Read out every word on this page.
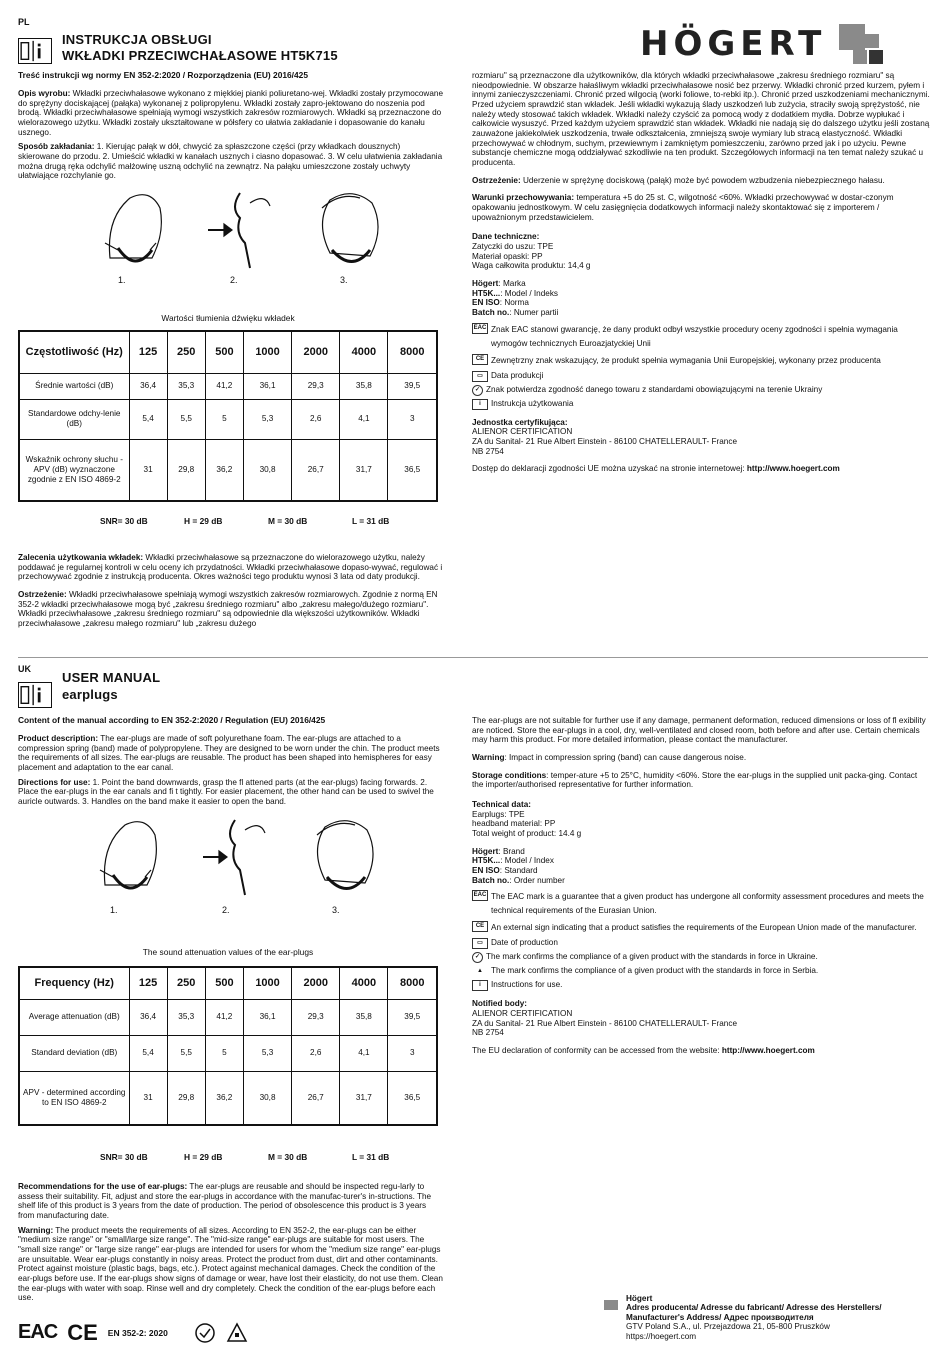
HÖGERT
PL
INSTRUKCJA OBSŁUGI
WKŁADKI PRZECIWCHAŁASOWE HT5K715

Treść instrukcji wg normy EN 352-2:2020 / Rozporządzenia (EU) 2016/425

Opis wyrobu: Wkładki przeciwhałasowe wykonano z miękkiej pianki poliuretano-wej. Wkładki zostały przymocowane do sprężyny dociskającej (pałąka) wykonanej z polipropylenu. Wkładki zostały zapro-jektowano do noszenia pod brodą. Wkładki przeciwhałasowe spełniają wymogi wszystkich zakresów rozmiarowych. Wkładki są przeznaczone do wielorazowego użytku. Wkładki zostały ukształtowane w półsfery co ułatwia zakładanie i dopasowanie do kanału usznego.

Sposób zakładania: 1. Kierując pałąk w dół, chwycić za spłaszczone części (przy wkładkach dousznych) skierowane do przodu. 2. Umieścić wkładki w kanałach usznych i ciasno dopasować. 3. W celu ułatwienia zakładania można drugą ręka odchylić małżowinę uszną odchylić na zewnątrz. Na pałąku umieszczone zostały uchwyty ułatwiające rozchylanie go.

1.	2.	3.
Wartości tłumienia dźwięku wkładek
Częstotliwość (Hz)	125	250	500	1000	2000	4000	8000
Średnie wartości (dB)	36,4	35,3	41,2	36,1	29,3	35,8	39,5
Standardowe odchy-lenie (dB)	5,4	5,5	5	5,3	2,6	4,1	3
Wskaźnik ochrony słuchu - APV (dB) wyznaczone zgodnie z EN ISO 4869-2	31	29,8	36,2	30,8	26,7	31,7	36,5
SNR= 30 dB	H = 29 dB	M = 30 dB	L = 31 dB

Zalecenia użytkowania wkładek: Wkładki przeciwhałasowe są przeznaczone do wielorazowego użytku, należy poddawać je regularnej kontroli w celu oceny ich przydatności. Wkładki przeciwhałasowe dopaso-wywać, regulować i przechowywać zgodnie z instrukcją producenta. Okres ważności tego produktu wynosi 3 lata od daty produkcji.

Ostrzeżenie: Wkładki przeciwhałasowe spełniają wymogi wszystkich zakresów rozmiarowych. Zgodnie z normą EN 352-2 wkładki przeciwhałasowe mogą być „zakresu średniego rozmiaru" albo „zakresu małego/dużego rozmiaru". Wkładki przeciwhałasowe „zakresu średniego rozmiaru" są odpowiednie dla większości użytkowników. Wkładki przeciwhałasowe „zakresu małego rozmiaru" lub „zakresu dużego

rozmiaru" są przeznaczone dla użytkowników, dla których wkładki przeciwhałasowe „zakresu średniego rozmiaru" są nieodpowiednie. W obszarze hałaśliwym wkładki przeciwhałasowe nosić bez przerwy. Wkładki chronić przed kurzem, pyłem i innymi zanieczyszczeniami. Chronić przed wilgocią (worki foliowe, to-rebki itp.). Chronić przed uszkodzeniami mechanicznymi. Przed użyciem sprawdzić stan wkładek. Jeśli wkładki wykazują ślady uszkodzeń lub zużycia, straciły swoją sprężystość, nie należy wtedy stosować takich wkładek. Wkładki należy czyścić za pomocą wody z dodatkiem mydła. Dobrze wypłukać i całkowicie wysuszyć. Przed każdym użyciem sprawdzić stan wkładek. Wkładki nie nadają się do dalszego użytku jeśli zostaną zauważone jakiekolwiek uszkodzenia, trwałe odkształcenia, zmniejszą swoje wymiary lub stracą elastyczność. Wkładki przechowywać w chłodnym, suchym, przewiewnym i zamkniętym pomieszczeniu, zarówno przed jak i po użyciu. Pewne substancje chemiczne mogą oddziaływać szkodliwie na ten produkt. Szczegółowych informacji na ten temat należy szukać u producenta.

Ostrzeżenie: Uderzenie w sprężynę dociskową (pałąk) może być powodem wzbudzenia niebezpiecznego hałasu.

Warunki przechowywania: temperatura +5 do 25 st. C, wilgotność <60%. Wkładki przechowywać w dostar-czonym opakowaniu jednostkowym. W celu zasięgnięcia dodatkowych informacji należy skontaktować się z importerem / upoważnionym przedstawicielem.

Dane techniczne:
Zatyczki do uszu: TPE
Materiał opaski: PP
Waga całkowita produktu: 14,4 g
Högert: Marka
HT5K...: Model / Indeks
EN ISO: Norma
Batch no.: Numer partii
EAC Znak EAC stanowi gwarancję, że dany produkt odbył wszystkie procedury oceny zgodności i spełnia wymagania wymogów technicznych Euroazjatyckiej Unii
CE Zewnętrzny znak wskazujący, że produkt spełnia wymagania Unii Europejskiej, wykonany przez producenta
▭ Data produkcji
✓ Znak potwierdza zgodność danego towaru z standardami obowiązującymi na terenie Ukrainy
i	Instrukcja użytkowania
Jednostka certyfikująca:
ALIENOR CERTIFICATION
ZA du Sanital- 21 Rue Albert Einstein - 86100 CHATELLERAULT- France
NB 2754

Dostęp do deklaracji zgodności UE można uzyskać na stronie internetowej: http://www.hoegert.com

UK
USER MANUAL
earplugs

Content of the manual according to EN 352-2:2020 / Regulation (EU) 2016/425

Product description: The ear-plugs are made of soft polyurethane foam. The ear-plugs are attached to a compression spring (band) made of polypropylene. They are designed to be worn under the chin. The product meets the requirements of all sizes. The ear-plugs are reusable. The product has been shaped into hemispheres for easy placement and adaptation to the ear canal.

Directions for use: 1. Point the band downwards, grasp the fl attened parts (at the ear-plugs) facing forwards. 2. Place the ear-plugs in the ear canals and fi t tightly. For easier placement, the other hand can be used to swivel the auricle outwards. 3. Handles on the band make it easier to open the band.

1.	2.	3.
The sound attenuation values of the ear-plugs
Frequency (Hz)	125	250	500	1000	2000	4000	8000
Average attenuation (dB)	36,4	35,3	41,2	36,1	29,3	35,8	39,5
Standard deviation (dB)	5,4	5,5	5	5,3	2,6	4,1	3
APV - determined according to EN ISO 4869-2	31	29,8	36,2	30,8	26,7	31,7	36,5
SNR= 30 dB	H = 29 dB	M = 30 dB	L = 31 dB

Recommendations for the use of ear-plugs: The ear-plugs are reusable and should be inspected regu-larly to assess their suitability. Fit, adjust and store the ear-plugs in accordance with the manufac-turer's in-structions. The shelf life of this product is 3 years from the date of production. The period of obsolescence this product is 3 years from manufacturing date.

Warning: The product meets the requirements of all sizes. According to EN 352-2, the ear-plugs can be either "medium size range" or "small/large size range". The "mid-size range" ear-plugs are suitable for most users. The "small size range" or "large size range" ear-plugs are intended for users for whom the "medium size range" ear-plugs are unsuitable. Wear ear-plugs constantly in noisy areas. Protect the product from dust, dirt and other contaminants. Protect against moisture (plastic bags, bags, etc.). Protect against mechanical damages. Check the condition of the ear-plugs before use. If the ear-plugs show signs of damage or wear, have lost their elasticity, do not use them. Clean the ear-plugs with water with soap. Rinse well and dry completely. Check the condition of the ear-plugs before each use.

The ear-plugs are not suitable for further use if any damage, permanent deformation, reduced dimensions or loss of fl exibility are noticed. Store the ear-plugs in a cool, dry, well-ventilated and closed room, both before and after use. Certain chemicals may harm this product. For more detailed information, please contact the manufacturer.

Warning: Impact in compression spring (band) can cause dangerous noise.

Storage conditions: temper-ature +5 to 25°C, humidity <60%. Store the ear-plugs in the supplied unit packa-ging. Contact the importer/authorised representative for further information.

Technical data:
Earplugs: TPE
headband material: PP
Total weight of product: 14.4 g
Högert: Brand
HT5K...: Model / Index
EN ISO: Standard
Batch no.: Order number
EAC The EAC mark is a guarantee that a given product has undergone all conformity assessment procedures and meets the technical requirements of the Eurasian Union.
CE An external sign indicating that a product satisfies the requirements of the European Union made of the manufacturer.
▭ Date of production
✓ The mark confirms the compliance of a given product with the standards in force in Ukraine.
▲ The mark confirms the compliance of a given product with the standards in force in Serbia.
i	Instructions for use.
Notified body:
ALIENOR CERTIFICATION
ZA du Sanital- 21 Rue Albert Einstein - 86100 CHATELLERAULT- France
NB 2754

The EU declaration of conformity can be accessed from the website: http://www.hoegert.com

EAC CE EN 352-2: 2020
Högert
Adres producenta/ Adresse du fabricant/ Adresse des Herstellers/
Manufacturer's Address/ Адрес производителя
GTV Poland S.A., ul. Przejazdowa 21, 05-800 Pruszków
https://hoegert.com
